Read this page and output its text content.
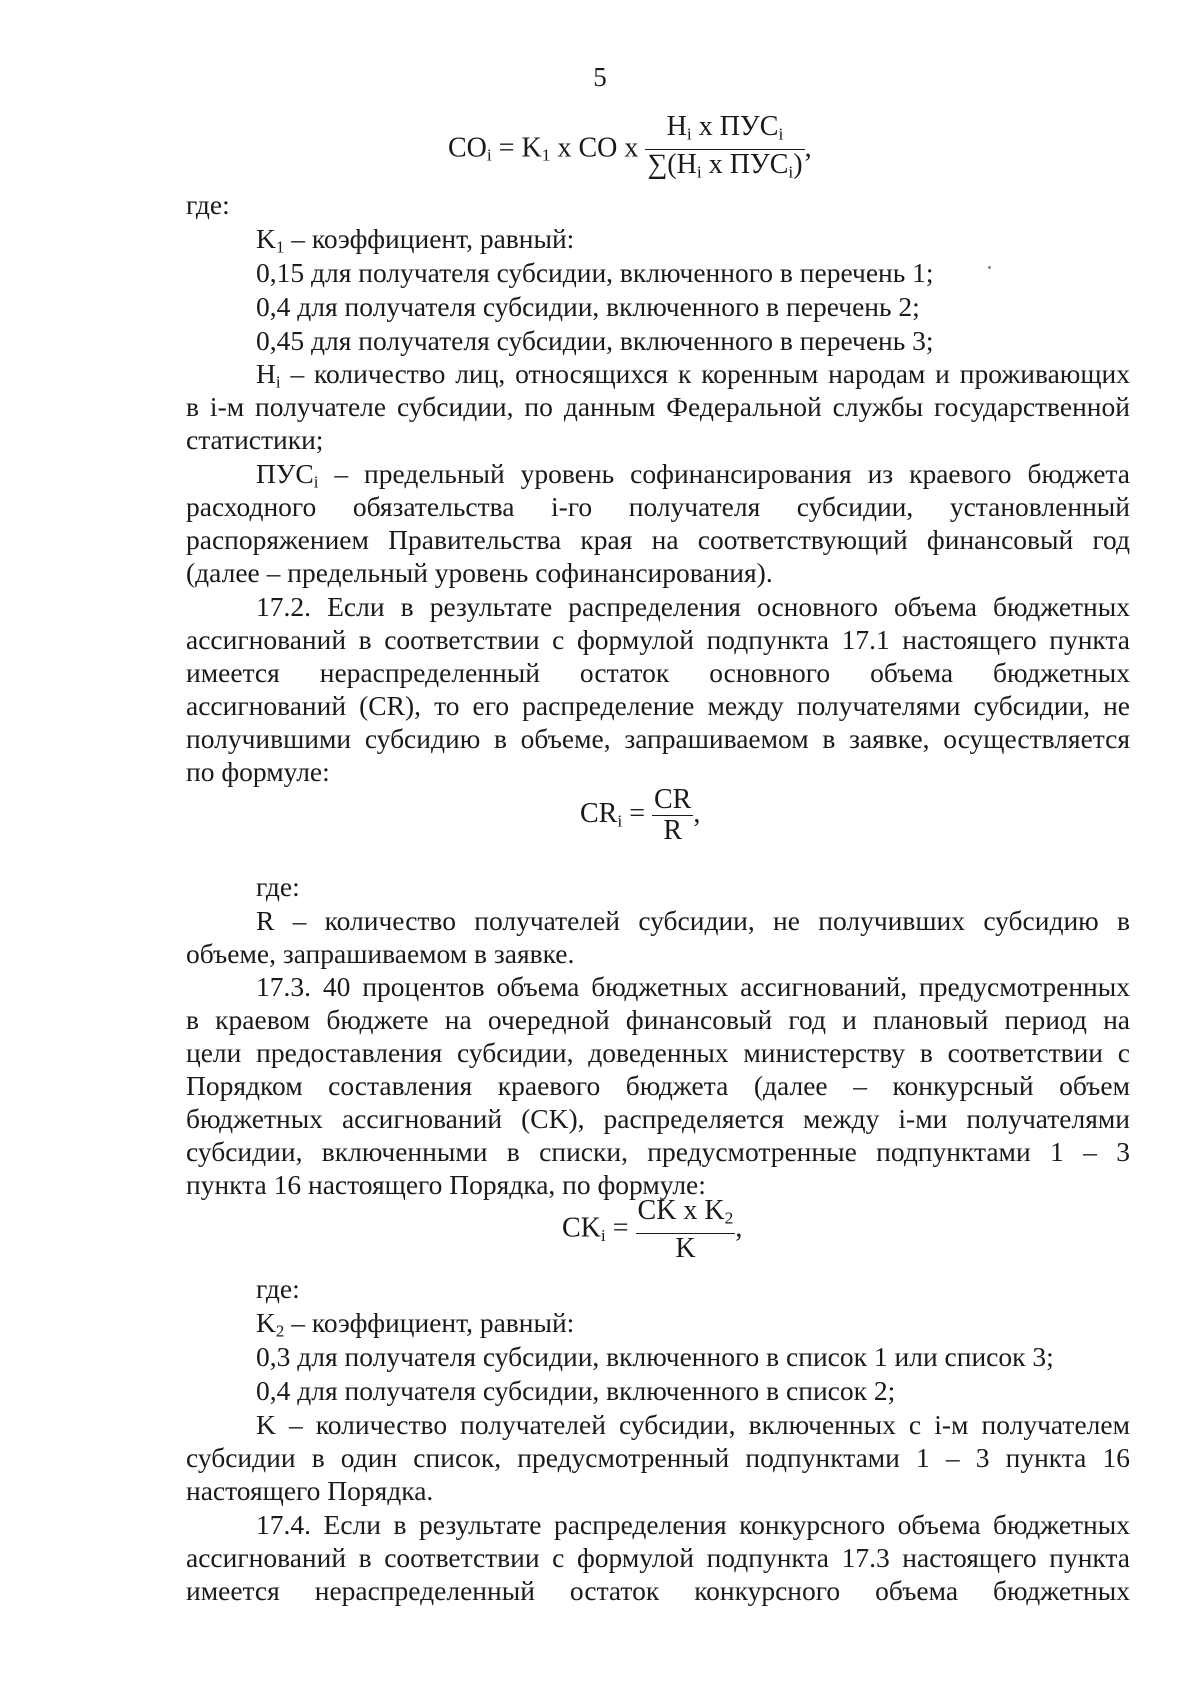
5
$CO_i = K_1$ x CO x $\frac{H_i x ПУС_i}{\sum(H_i x ПУС_i)}$ ,
где:
$K_1$ – коэффициент, равный:
0,15 для получателя субсидии, включенного в перечень 1;
0,4 для получателя субсидии, включенного в перечень 2;
0,45 для получателя субсидии, включенного в перечень 3;
$H_i$ – количество лиц, относящихся к коренным народам и проживающих
в i-м получателе субсидии, по данным Федеральной службы государственной
статистики;
$ПУС_i$ – предельный уровень софинансирования из краевого бюджета
расходного обязательства i-го получателя субсидии, установленный
распоряжением Правительства края на соответствующий финансовый год
(далее – предельный уровень софинансирования).
17.2. Если в результате распределения основного объема бюджетных
ассигнований в соответствии с формулой подпункта 17.1 настоящего пункта
имеется нераспределенный остаток основного объема бюджетных
ассигнований (CR), то его распределение между получателями субсидии, не
получившими субсидию в объеме, запрашиваемом в заявке, осуществляется
по формуле:
$CR_i = \frac{CR}{R}$ ,
где:
R – количество получателей субсидии, не получивших субсидию в
объеме, запрашиваемом в заявке.
17.3. 40 процентов объема бюджетных ассигнований, предусмотренных
в краевом бюджете на очередной финансовый год и плановый период на
цели предоставления субсидии, доведенных министерству в соответствии с
Порядком составления краевого бюджета (далее – конкурсный объем
бюджетных ассигнований (CK), распределяется между i-ми получателями
субсидии, включенными в списки, предусмотренные подпунктами 1 – 3
пункта 16 настоящего Порядка, по формуле:
$CK_i = \frac{CK x K_2}{K}$ ,
где:
$K_2$ – коэффициент, равный:
0,3 для получателя субсидии, включенного в список 1 или список 3;
0,4 для получателя субсидии, включенного в список 2;
K – количество получателей субсидии, включенных с i-м получателем
субсидии в один список, предусмотренный подпунктами 1 – 3 пункта 16
настоящего Порядка.
17.4. Если в результате распределения конкурсного объема бюджетных
ассигнований в соответствии с формулой подпункта 17.3 настоящего пункта
имеется нераспределенный остаток конкурсного объема бюджетных
